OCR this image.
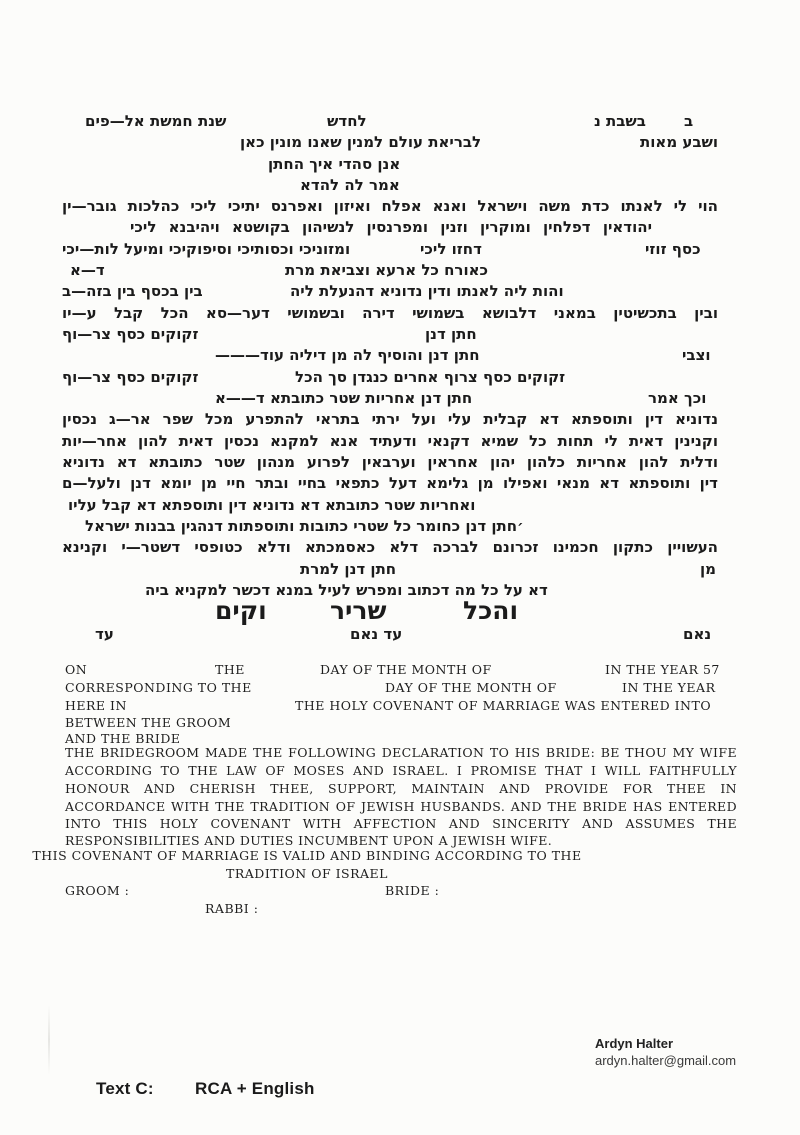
ב
בשבת נ
לחדש
שנת חמשת אל—פים
ושבע מאות
לבריאת עולם למנין שאנו מונין כאן
אנן סהדי איך החתן
אמר לה להדא
הוי לי לאנתו כדת משה וישראל ואנא אפלח ואיזון ואפרנס יתיכי ליכי כהלכות גובר—ין
יהודאין דפלחין ומוקרין וזנין ומפרנסין לנשיהון בקושטא ויהיבנא ליכי
כסף זוזי
דחזו ליכי
ומזוניכי וכסותיכי וסיפוקיכי ומיעל לות—יכי
כאורח כל ארעא וצביאת מרת
ד—א
והות ליה לאנתו ודין נדוניא דהנעלת ליה
בין בכסף בין בזה—ב
ובין בתכשיטין במאני דלבושא בשמושי דירה ובשמושי דער—סא הכל קבל ע—יו
חתן דנן
זקוקים כסף צר—וף
וצבי
חתן דנן והוסיף לה מן דיליה עוד———
זקוקים כסף צרוף אחרים כנגדן סך הכל
זקוקים כסף צר—וף
וכך אמר
חתן דנן אחריות שטר כתובתא ד——א
נדוניא דין ותוספתא דא קבלית עלי ועל ירתי בתראי להתפרע מכל שפר אר—ג נכסין
וקנינין דאית לי תחות כל שמיא דקנאי ודעתיד אנא למקנא נכסין דאית להון אחר—יות
ודלית להון אחריות כלהון יהון אחראין וערבאין לפרוע מנהון שטר כתובתא דא נדוניא
דין ותוספתא דא מנאי ואפילו מן גלימא דעל כתפאי בחיי ובתר חיי מן יומא דנן ולעל—ם
ואחריות שטר כתובתא דא נדוניא דין ותוספתא דא קבל עליו
׳חתן דנן כחומר כל שטרי כתובות ותוספתות דנהגין בבנות ישראל
העשויין כתקון חכמינו זכרונם לברכה דלא כאסמכתא ודלא כטופסי דשטר—י וקנינא
מן
חתן דנן למרת
דא על כל מה דכתוב ומפרש לעיל במנא דכשר למקניא ביה
והכל
שריר
וקים
נאם
עד נאם
עד
ON	THE	DAY OF THE MONTH OF	IN THE YEAR 57
CORRESPONDING TO THE	DAY OF THE MONTH OF	IN THE YEAR
HERE IN	THE HOLY COVENANT OF MARRIAGE WAS ENTERED INTO
BETWEEN THE GROOM
AND THE BRIDE
THE BRIDEGROOM MADE THE FOLLOWING DECLARATION TO HIS BRIDE: BE THOU MY WIFE
ACCORDING TO THE LAW OF MOSES AND ISRAEL. I PROMISE THAT I WILL FAITHFULLY
HONOUR AND CHERISH THEE, SUPPORT, MAINTAIN AND PROVIDE FOR THEE IN
ACCORDANCE WITH THE TRADITION OF JEWISH HUSBANDS. AND THE BRIDE HAS ENTERED
INTO THIS HOLY COVENANT WITH AFFECTION AND SINCERITY AND ASSUMES THE
RESPONSIBILITIES AND DUTIES INCUMBENT UPON A JEWISH WIFE.
THIS COVENANT OF MARRIAGE IS VALID AND BINDING ACCORDING TO THE
TRADITION OF ISRAEL
GROOM :	BRIDE :
RABBI :
Ardyn Halter
ardyn.halter@gmail.com
Text C: RCA + English
